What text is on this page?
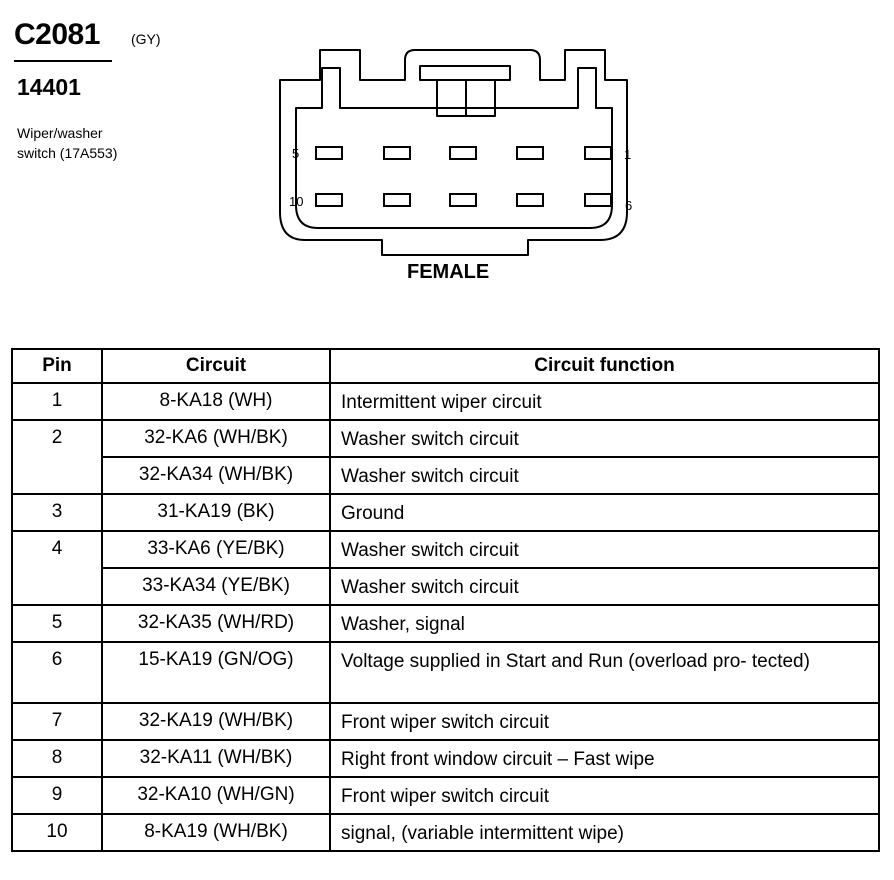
C2081 (GY)
14401
Wiper/washer
switch (17A553)	5	1
10	6
FEMALE
Pin	Circuit	Circuit function
1	8-KA18 (WH)	Intermittent wiper circuit
2	32-KA6 (WH/BK)	Washer switch circuit
	32-KA34 (WH/BK)	Washer switch circuit
3	31-KA19 (BK)	Ground
4	33-KA6 (YE/BK)	Washer switch circuit
	33-KA34 (YE/BK)	Washer switch circuit
5	32-KA35 (WH/RD)	Washer, signal
6	15-KA19 (GN/OG)	Voltage supplied in Start and Run (overload pro- tected)
7	32-KA19 (WH/BK)	Front wiper switch circuit
8	32-KA11 (WH/BK)	Right front window circuit – Fast wipe
9	32-KA10 (WH/GN)	Front wiper switch circuit
10	8-KA19 (WH/BK)	signal, (variable intermittent wipe)
